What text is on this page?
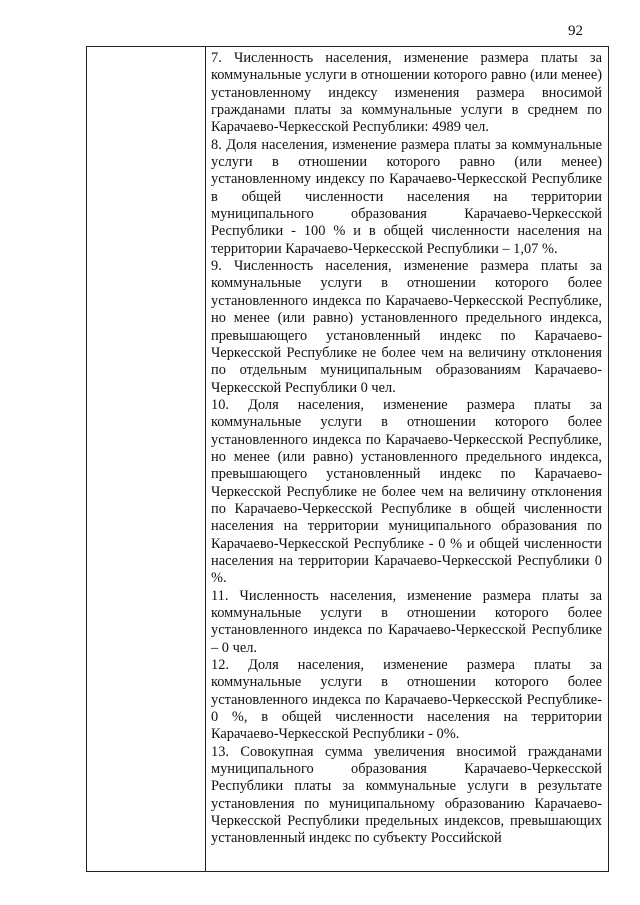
92

7. Численность населения, изменение размера платы за коммунальные услуги в отношении которого равно (или менее) установленному индексу изменения размера вносимой гражданами платы за коммунальные услуги в среднем по Карачаево-Черкесской Республики: 4989 чел.

8. Доля населения, изменение размера платы за коммунальные услуги в отношении которого равно (или менее) установленному индексу по Карачаево-Черкесской Республике в общей численности населения на территории муниципального образования Карачаево-Черкесской Республики - 100 % и в общей численности населения на территории Карачаево-Черкесской Республики – 1,07 %.

9. Численность населения, изменение размера платы за коммунальные услуги в отношении которого более установленного индекса по Карачаево-Черкесской Республике, но менее (или равно) установленного предельного индекса, превышающего установленный индекс по Карачаево-Черкесской Республике не более чем на величину отклонения по отдельным муниципальным образованиям Карачаево-Черкесской Республики 0 чел.

10. Доля населения, изменение размера платы за коммунальные услуги в отношении которого более установленного индекса по Карачаево-Черкесской Республике, но менее (или равно) установленного предельного индекса, превышающего установленный индекс по Карачаево-Черкесской Республике не более чем на величину отклонения по Карачаево-Черкесской Республике в общей численности населения на территории муниципального образования по Карачаево-Черкесской Республике - 0 % и общей численности населения на территории Карачаево-Черкесской Республики 0 %.

11. Численность населения, изменение размера платы за коммунальные услуги в отношении которого более установленного индекса по Карачаево-Черкесской Республике – 0 чел.

12. Доля населения, изменение размера платы за коммунальные услуги в отношении которого более установленного индекса по Карачаево-Черкесской Республике- 0 %, в общей численности населения на территории Карачаево-Черкесской Республики - 0%.

13. Совокупная сумма увеличения вносимой гражданами муниципального образования Карачаево-Черкесской Республики платы за коммунальные услуги в результате установления по муниципальному образованию Карачаево-Черкесской Республики предельных индексов, превышающих установленный индекс по субъекту Российской
